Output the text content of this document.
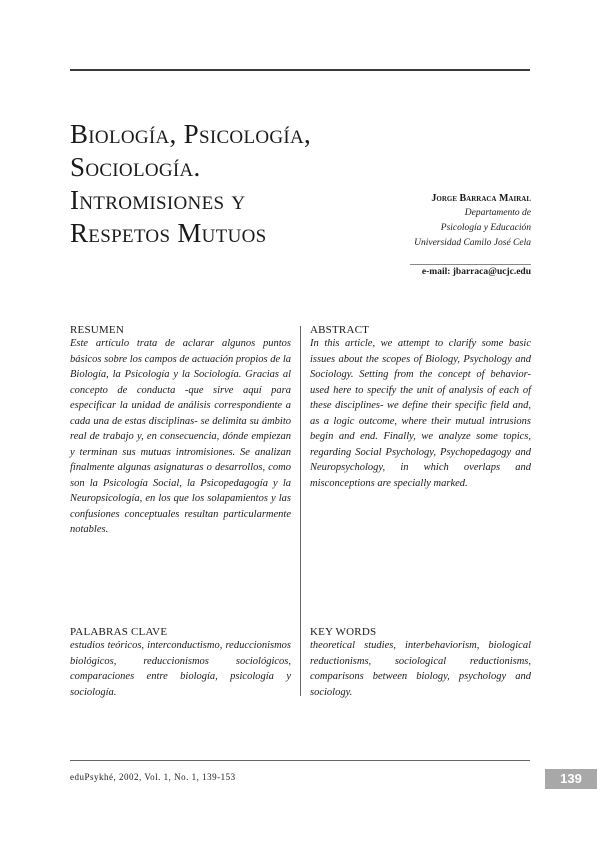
Biología, Psicología,
Sociología.
Intromisiones y
Respetos Mutuos
Jorge Barraca Mairal
Departamento de
Psicología y Educación
Universidad Camilo José Cela
e-mail: jbarraca@ucjc.edu
RESUMEN
Este artículo trata de aclarar algunos puntos básicos sobre los campos de actuación propios de la Biología, la Psicología y la Sociología. Gracias al concepto de conducta -que sirve aquí para especificar la unidad de análisis correspondiente a cada una de estas disciplinas- se delimita su ámbito real de trabajo y, en consecuencia, dónde empiezan y terminan sus mutuas intromisiones. Se analizan finalmente algunas asignaturas o desarrollos, como son la Psicología Social, la Psicopedagogía y la Neuropsicología, en los que los solapamientos y las confusiones conceptuales resultan particularmente notables.
ABSTRACT
In this article, we attempt to clarify some basic issues about the scopes of Biology, Psychology and Sociology. Setting from the concept of behavior-used here to specify the unit of analysis of each of these disciplines- we define their specific field and, as a logic outcome, where their mutual intrusions begin and end. Finally, we analyze some topics, regarding Social Psychology, Psychopedagogy and Neuropsychology, in which overlaps and misconceptions are specially marked.
PALABRAS CLAVE
estudios teóricos, interconductismo, reduccionismos biológicos, reduccionismos sociológicos, comparaciones entre biología, psicología y sociología.
KEY WORDS
theoretical studies, interbehaviorism, biological reductionisms, sociological reductionisms, comparisons between biology, psychology and sociology.
eduPsykhé, 2002, Vol. 1, No. 1, 139-153	139
